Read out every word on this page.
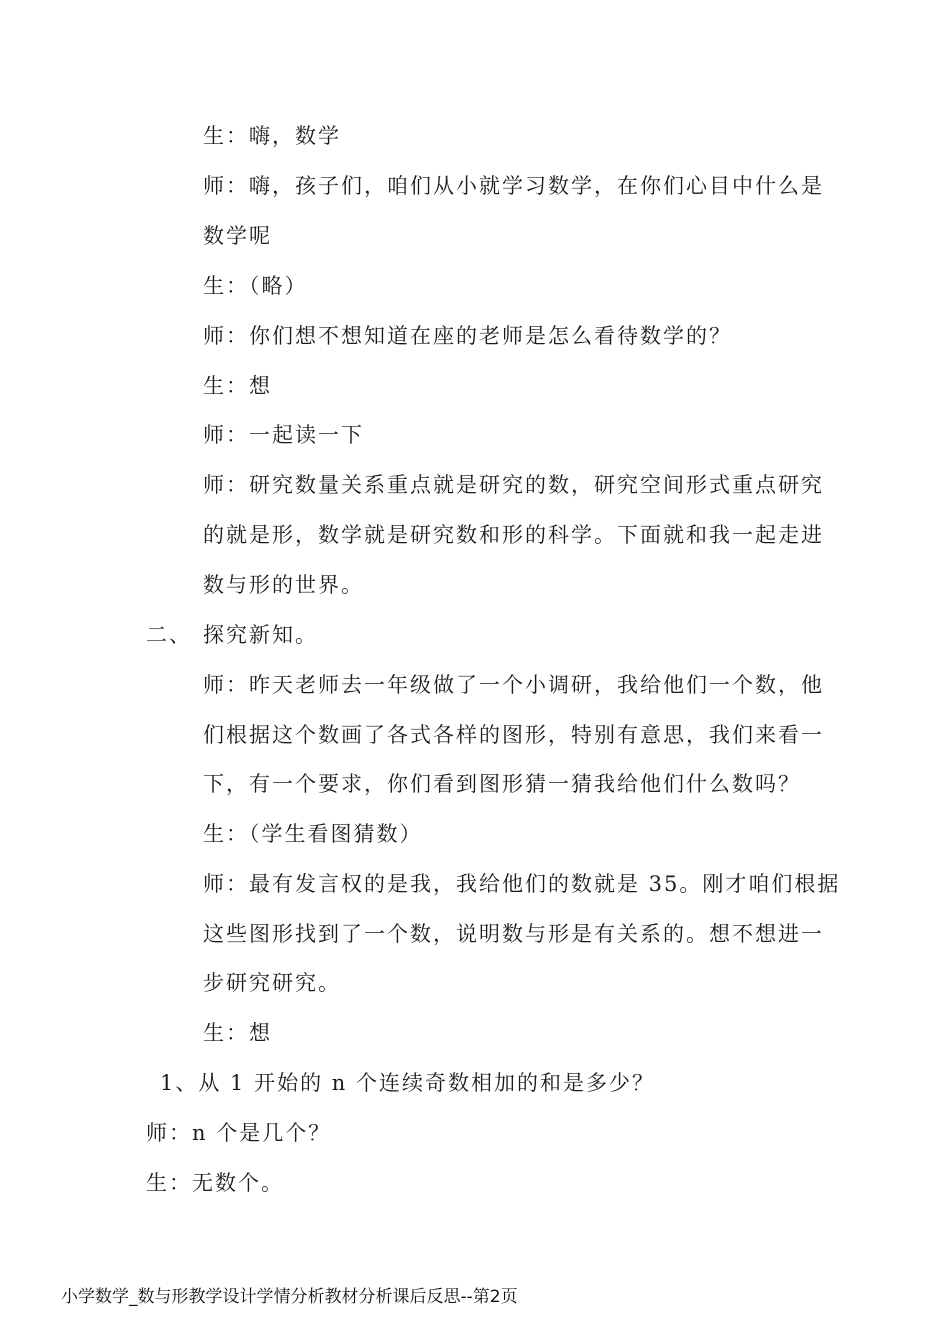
生：嗨，数学
师：嗨，孩子们，咱们从小就学习数学，在你们心目中什么是
数学呢
生：（略）
师：你们想不想知道在座的老师是怎么看待数学的？
生：想
师：一起读一下
师：研究数量关系重点就是研究的数，研究空间形式重点研究
的就是形，数学就是研究数和形的科学。下面就和我一起走进
数与形的世界。
二、 探究新知。
师：昨天老师去一年级做了一个小调研，我给他们一个数，他
们根据这个数画了各式各样的图形，特别有意思，我们来看一
下，有一个要求，你们看到图形猜一猜我给他们什么数吗？
生：（学生看图猜数）
师：最有发言权的是我，我给他们的数就是 35。刚才咱们根据
这些图形找到了一个数，说明数与形是有关系的。想不想进一
步研究研究。
生：想
1、从 1 开始的 n 个连续奇数相加的和是多少？
师：n 个是几个？
生：无数个。
小学数学_数与形教学设计学情分析教材分析课后反思--第2页
